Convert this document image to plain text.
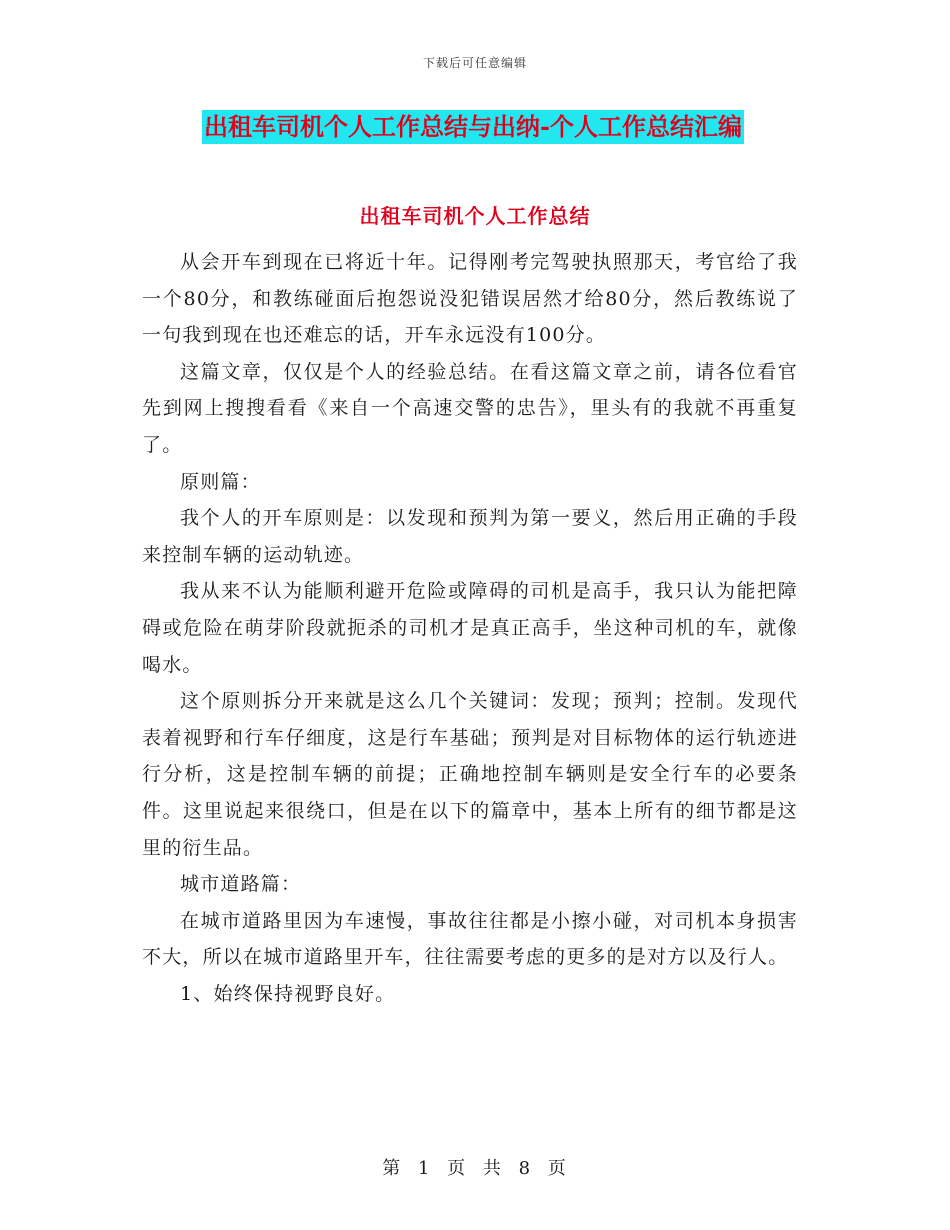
下载后可任意编辑
出租车司机个人工作总结与出纳-个人工作总结汇编
出租车司机个人工作总结

从会开车到现在已将近十年。记得刚考完驾驶执照那天，考官给了我一个80分，和教练碰面后抱怨说没犯错误居然才给80分，然后教练说了一句我到现在也还难忘的话，开车永远没有100分。

这篇文章，仅仅是个人的经验总结。在看这篇文章之前，请各位看官先到网上搜搜看看《来自一个高速交警的忠告》，里头有的我就不再重复了。

原则篇：

我个人的开车原则是：以发现和预判为第一要义，然后用正确的手段来控制车辆的运动轨迹。

我从来不认为能顺利避开危险或障碍的司机是高手，我只认为能把障碍或危险在萌芽阶段就扼杀的司机才是真正高手，坐这种司机的车，就像喝水。

这个原则拆分开来就是这么几个关键词：发现；预判；控制。发现代表着视野和行车仔细度，这是行车基础；预判是对目标物体的运行轨迹进行分析，这是控制车辆的前提；正确地控制车辆则是安全行车的必要条件。这里说起来很绕口，但是在以下的篇章中，基本上所有的细节都是这里的衍生品。

城市道路篇：

在城市道路里因为车速慢，事故往往都是小擦小碰，对司机本身损害不大，所以在城市道路里开车，往往需要考虑的更多的是对方以及行人。

1、始终保持视野良好。

第 1 页 共 8 页
